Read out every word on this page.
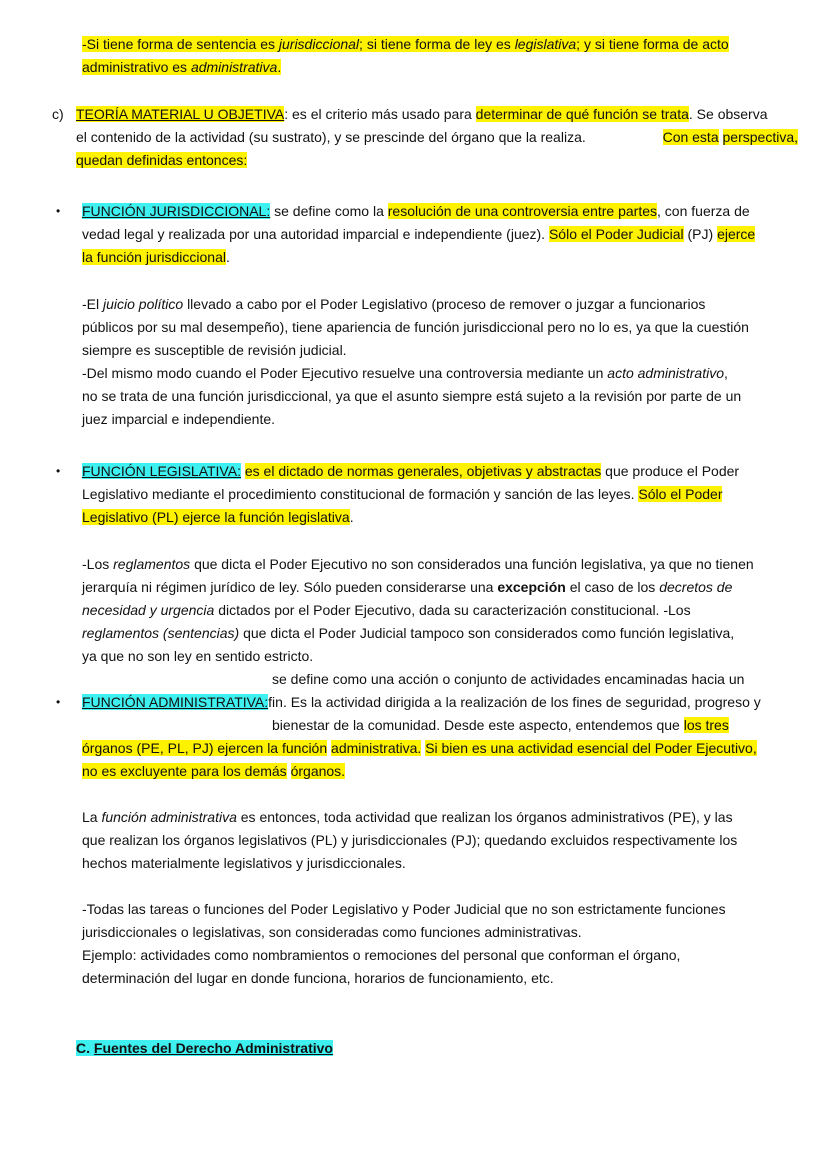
-Si tiene forma de sentencia es jurisdiccional; si tiene forma de ley es legislativa; y si tiene forma de acto
administrativo es administrativa.
c) TEORÍA MATERIAL U OBJETIVA: es el criterio más usado para determinar de qué función se trata. Se observa
el contenido de la actividad (su sustrato), y se prescinde del órgano que la realiza.	Con esta perspectiva,
quedan definidas entonces:
• FUNCIÓN JURISDICCIONAL: se define como la resolución de una controversia entre partes, con fuerza de
vedad legal y realizada por una autoridad imparcial e independiente (juez). Sólo el Poder Judicial (PJ) ejerce
la función jurisdiccional.
-El juicio político llevado a cabo por el Poder Legislativo (proceso de remover o juzgar a funcionarios
públicos por su mal desempeño), tiene apariencia de función jurisdiccional pero no lo es, ya que la cuestión
siempre es susceptible de revisión judicial.
-Del mismo modo cuando el Poder Ejecutivo resuelve una controversia mediante un acto administrativo,
no se trata de una función jurisdiccional, ya que el asunto siempre está sujeto a la revisión por parte de un
juez imparcial e independiente.
• FUNCIÓN LEGISLATIVA: es el dictado de normas generales, objetivas y abstractas que produce el Poder
Legislativo mediante el procedimiento constitucional de formación y sanción de las leyes. Sólo el Poder
Legislativo (PL) ejerce la función legislativa.
-Los reglamentos que dicta el Poder Ejecutivo no son considerados una función legislativa, ya que no tienen
jerarquía ni régimen jurídico de ley. Sólo pueden considerarse una excepción el caso de los decretos de
necesidad y urgencia dictados por el Poder Ejecutivo, dada su caracterización constitucional. -Los
reglamentos (sentencias) que dicta el Poder Judicial tampoco son considerados como función legislativa,
ya que no son ley en sentido estricto.
se define como una acción o conjunto de actividades encaminadas hacia un
• FUNCIÓN ADMINISTRATIVA:fin. Es la actividad dirigida a la realización de los fines de seguridad, progreso y
bienestar de la comunidad. Desde este aspecto, entendemos que los tres
órganos (PE, PL, PJ) ejercen la función administrativa. Si bien es una actividad esencial del Poder Ejecutivo,
no es excluyente para los demás órganos.
La función administrativa es entonces, toda actividad que realizan los órganos administrativos (PE), y las
que realizan los órganos legislativos (PL) y jurisdiccionales (PJ); quedando excluidos respectivamente los
hechos materialmente legislativos y jurisdiccionales.
-Todas las tareas o funciones del Poder Legislativo y Poder Judicial que no son estrictamente funciones
jurisdiccionales o legislativas, son consideradas como funciones administrativas.
Ejemplo: actividades como nombramientos o remociones del personal que conforman el órgano,
determinación del lugar en donde funciona, horarios de funcionamiento, etc.
C. Fuentes del Derecho Administrativo
